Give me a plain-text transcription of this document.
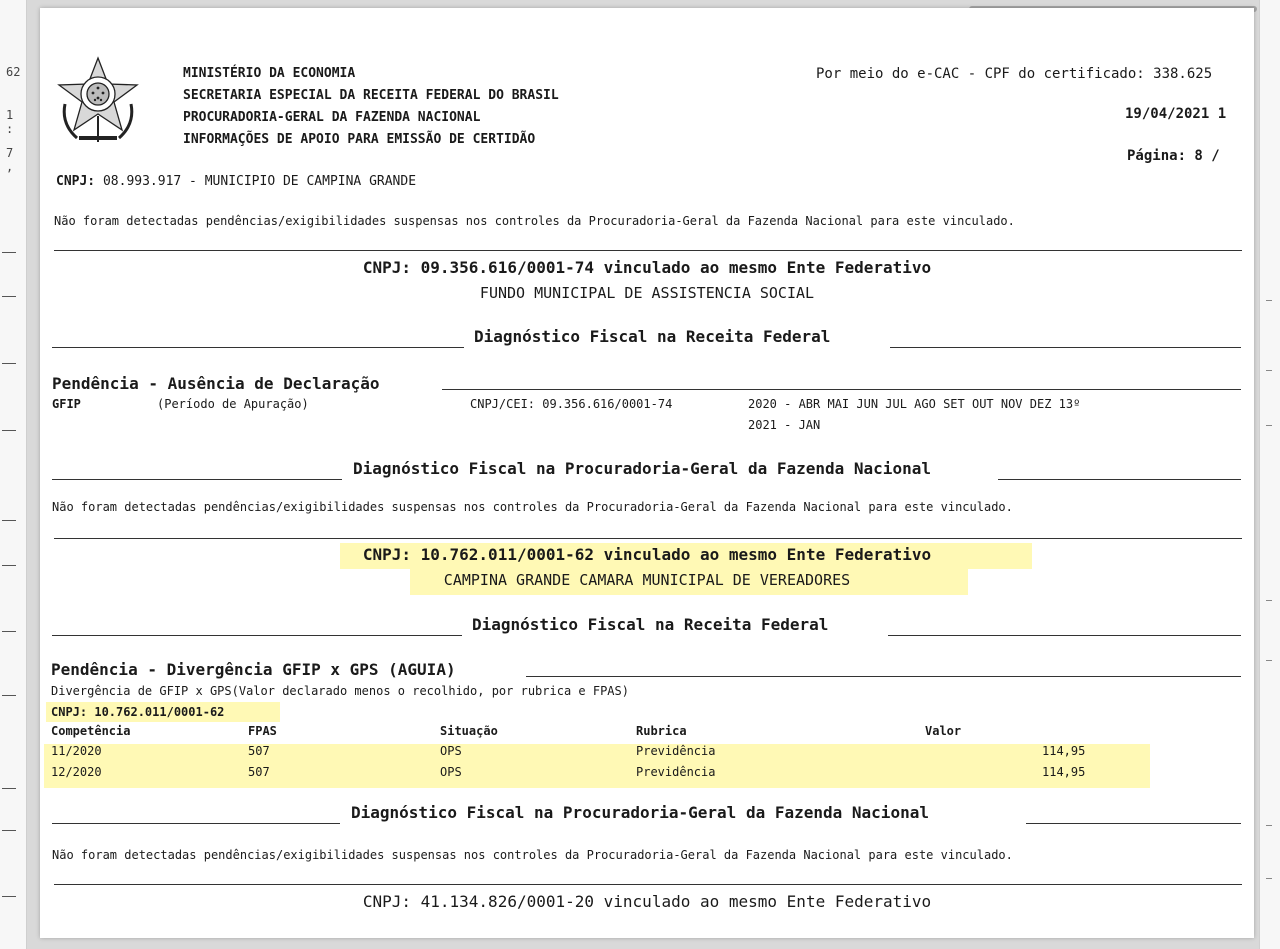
62
1 :
7 ,
MINISTÉRIO DA ECONOMIA
SECRETARIA ESPECIAL DA RECEITA FEDERAL DO BRASIL
PROCURADORIA-GERAL DA FAZENDA NACIONAL
INFORMAÇÕES DE APOIO PARA EMISSÃO DE CERTIDÃO
Por meio do e-CAC - CPF do certificado: 338.625
19/04/2021 1
Página: 8 /
CNPJ: 08.993.917 - MUNICIPIO DE CAMPINA GRANDE
Não foram detectadas pendências/exigibilidades suspensas nos controles da Procuradoria-Geral da Fazenda Nacional para este vinculado.
CNPJ: 09.356.616/0001-74 vinculado ao mesmo Ente Federativo
FUNDO MUNICIPAL DE ASSISTENCIA SOCIAL
Diagnóstico Fiscal na Receita Federal
Pendência - Ausência de Declaração
GFIP	(Período de Apuração)	CNPJ/CEI: 09.356.616/0001-74	2020 - ABR MAI JUN JUL AGO SET OUT NOV DEZ 13º
2021 - JAN
Diagnóstico Fiscal na Procuradoria-Geral da Fazenda Nacional
Não foram detectadas pendências/exigibilidades suspensas nos controles da Procuradoria-Geral da Fazenda Nacional para este vinculado.
CNPJ: 10.762.011/0001-62 vinculado ao mesmo Ente Federativo
CAMPINA GRANDE CAMARA MUNICIPAL DE VEREADORES
Diagnóstico Fiscal na Receita Federal
Pendência - Divergência GFIP x GPS (AGUIA)
Divergência de GFIP x GPS(Valor declarado menos o recolhido, por rubrica e FPAS)
CNPJ: 10.762.011/0001-62
Competência	FPAS	Situação	Rubrica	Valor
11/2020	507	OPS	Previdência	114,95
12/2020	507	OPS	Previdência	114,95
Diagnóstico Fiscal na Procuradoria-Geral da Fazenda Nacional
Não foram detectadas pendências/exigibilidades suspensas nos controles da Procuradoria-Geral da Fazenda Nacional para este vinculado.
CNPJ: 41.134.826/0001-20 vinculado ao mesmo Ente Federativo
